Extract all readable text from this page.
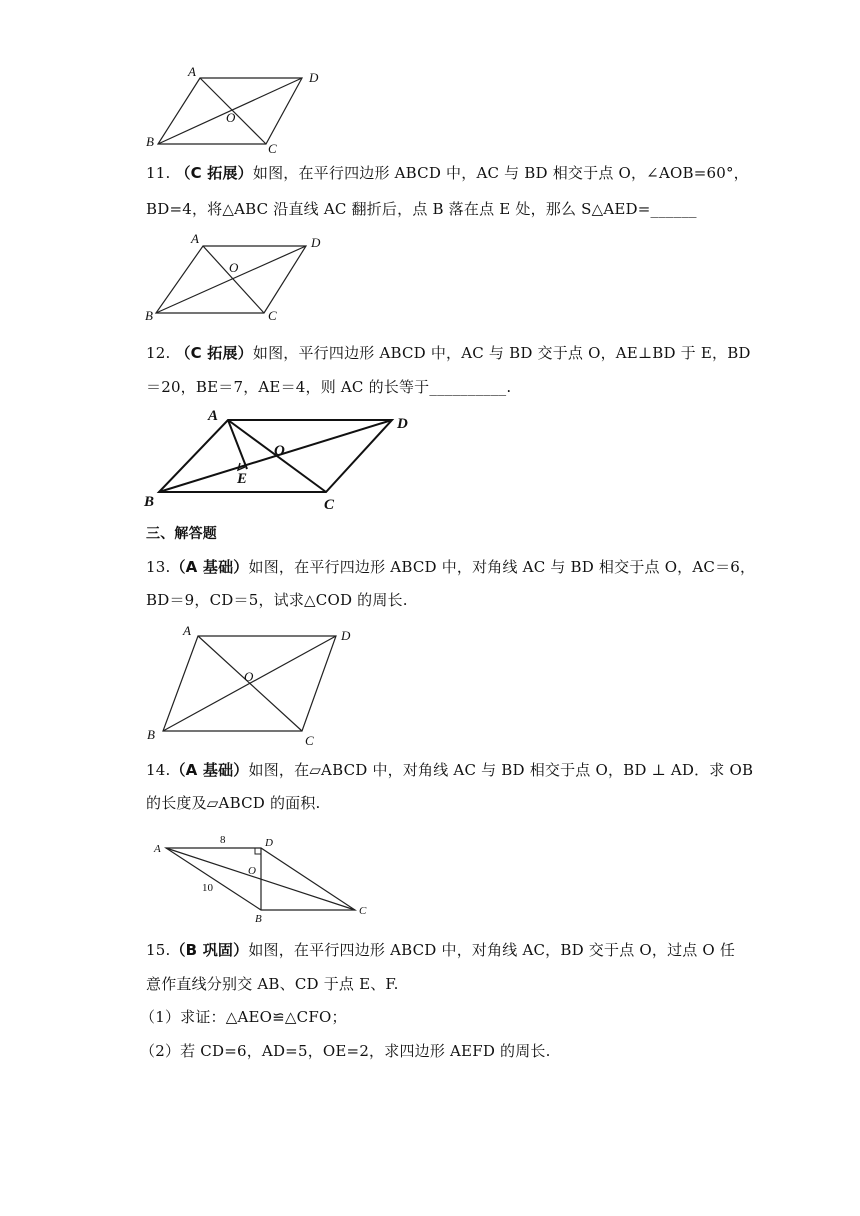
A	D
B	C
O
A	D
B	C
O
A	D
B	C
O
E
A	D
B	C
O
A	D
B
C
O
8
10
11. （C 拓展）如图，在平行四边形 ABCD 中，AC 与 BD 相交于点 O，∠AOB=60°，
BD=4，将△ABC 沿直线 AC 翻折后，点 B 落在点 E 处，那么 S△AED=______
12. （C 拓展）如图，平行四边形 ABCD 中，AC 与 BD 交于点 O，AE⊥BD 于 E，BD
＝20，BE＝7，AE＝4，则 AC 的长等于__________.
三、解答题
13.（A 基础）如图，在平行四边形 ABCD 中，对角线 AC 与 BD 相交于点 O，AC＝6，
BD＝9，CD＝5，试求△COD 的周长.
14.（A 基础）如图，在▱ABCD 中，对角线 AC 与 BD 相交于点 O，BD ⊥ AD．求 OB
的长度及▱ABCD 的面积.
15.（B 巩固）如图，在平行四边形 ABCD 中，对角线 AC，BD 交于点 O，过点 O 任
意作直线分别交 AB、CD 于点 E、F.
（1）求证：△AEO≌△CFO；
（2）若 CD=6，AD=5，OE=2，求四边形 AEFD 的周长.
